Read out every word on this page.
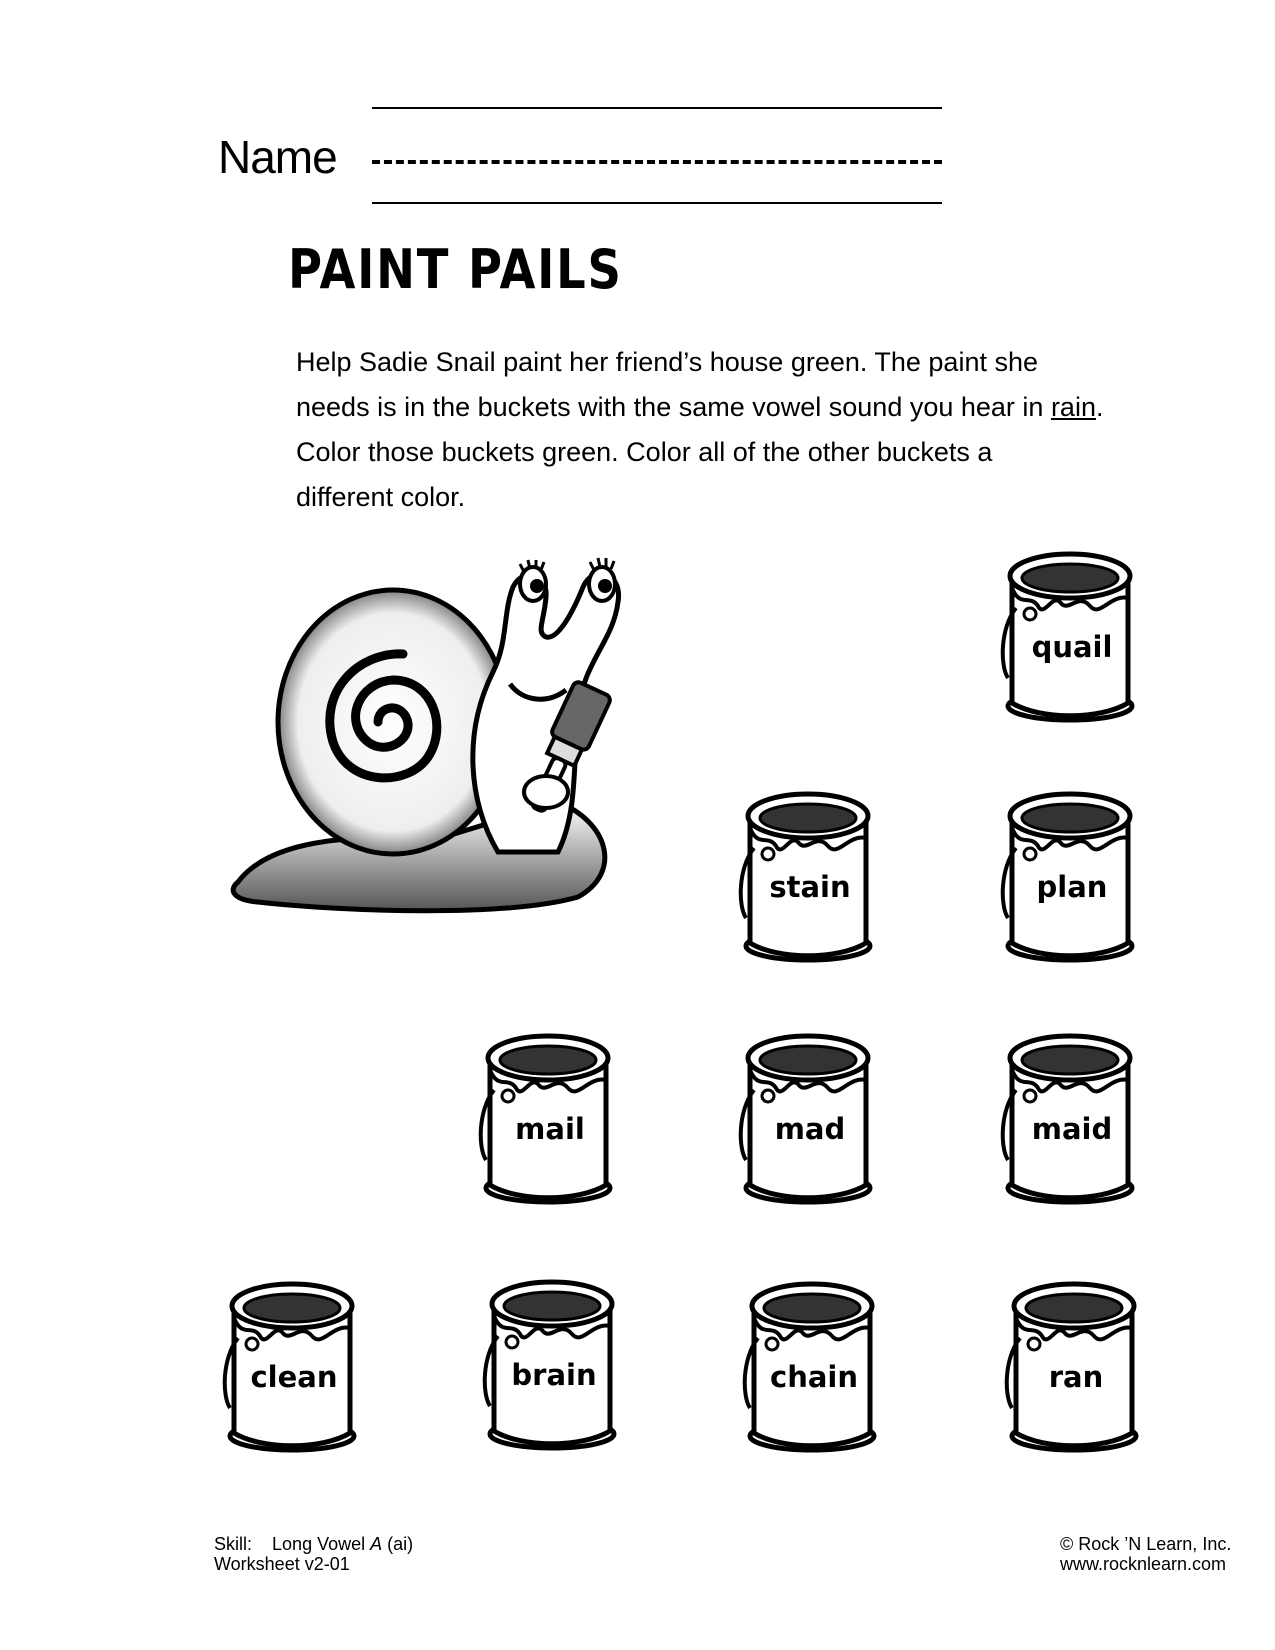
Name
PAINT PAILS
Help Sadie Snail paint her friend’s house green. The paint she
needs is in the buckets with the same vowel sound you hear in rain.
Color those buckets green. Color all of the other buckets a
different color.
quail
stain	plan
mail	mad	maid
clean	brain	chain	ran
Skill: Long Vowel A (ai)
Worksheet v2-01
© Rock ’N Learn, Inc.
www.rocknlearn.com
